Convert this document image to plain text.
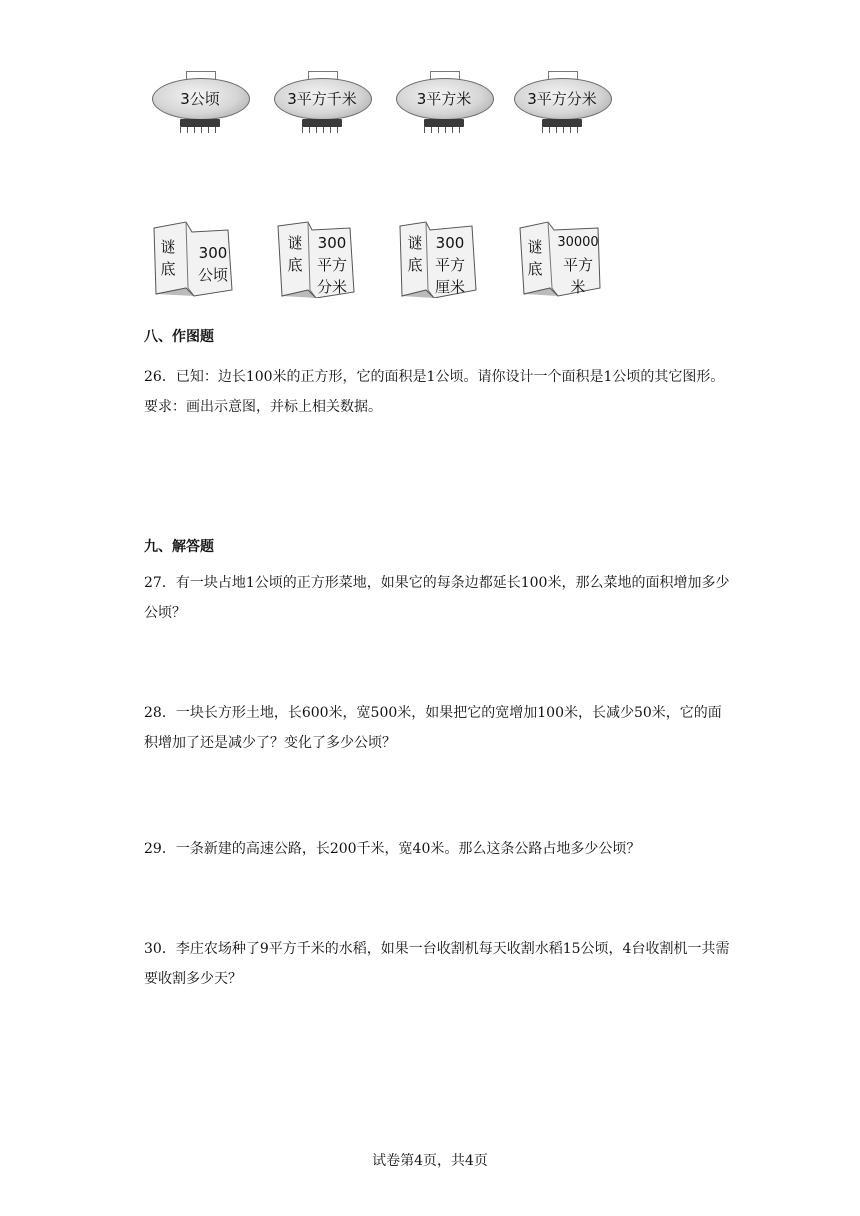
3公顷	3平方千米	3平方米	3平方分米
谜
底
300
公顷
谜
底
300
平方
分米
谜
底
300
平方
厘米
谜
底
30000
平方
米
八、作图题
26．已知：边长100米的正方形，它的面积是1公顷。请你设计一个面积是1公顷的其它图形。要求：画出示意图，并标上相关数据。
九、解答题
27．有一块占地1公顷的正方形菜地，如果它的每条边都延长100米，那么菜地的面积增加多少公顷？
28．一块长方形土地，长600米，宽500米，如果把它的宽增加100米，长减少50米，它的面积增加了还是减少了？变化了多少公顷？
29．一条新建的高速公路，长200千米，宽40米。那么这条公路占地多少公顷？
30．李庄农场种了9平方千米的水稻，如果一台收割机每天收割水稻15公顷，4台收割机一共需要收割多少天？
试卷第4页，共4页
